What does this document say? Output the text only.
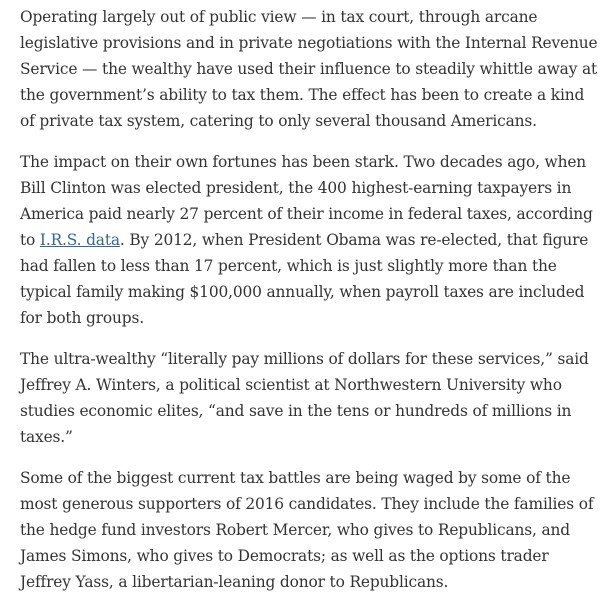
Operating largely out of public view — in tax court, through arcane legislative provisions and in private negotiations with the Internal Revenue Service — the wealthy have used their influence to steadily whittle away at the government’s ability to tax them. The effect has been to create a kind of private tax system, catering to only several thousand Americans.

The impact on their own fortunes has been stark. Two decades ago, when Bill Clinton was elected president, the 400 highest-earning taxpayers in America paid nearly 27 percent of their income in federal taxes, according to I.R.S. data. By 2012, when President Obama was re-elected, that figure had fallen to less than 17 percent, which is just slightly more than the typical family making $100,000 annually, when payroll taxes are included for both groups.

The ultra-wealthy “literally pay millions of dollars for these services,” said Jeffrey A. Winters, a political scientist at Northwestern University who studies economic elites, “and save in the tens or hundreds of millions in taxes.”

Some of the biggest current tax battles are being waged by some of the most generous supporters of 2016 candidates. They include the families of the hedge fund investors Robert Mercer, who gives to Republicans, and James Simons, who gives to Democrats; as well as the options trader Jeffrey Yass, a libertarian-leaning donor to Republicans.
